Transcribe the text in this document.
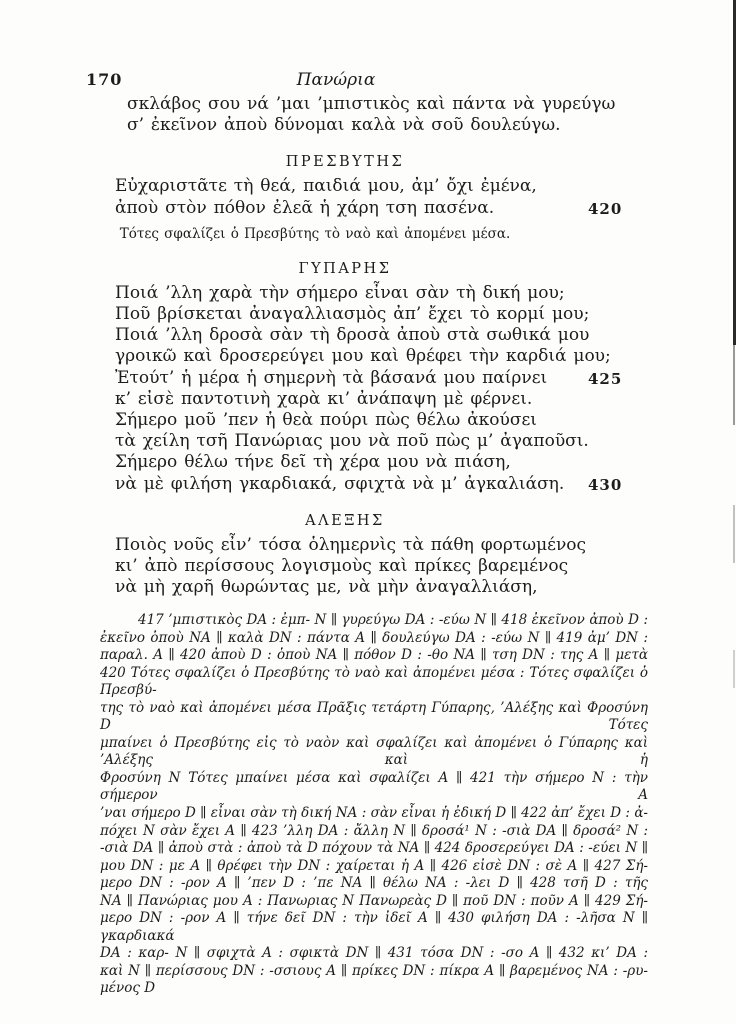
170	Πανώρια
σκλάβος σου νά ’μαι ’μπιστικὸς καὶ πάντα νὰ γυρεύγω
σ’ ἐκεῖνον ἀποὺ δύνομαι καλὰ νὰ σοῦ δουλεύγω.
ΠΡΕΣΒΥΤΗΣ
Εὐχαριστᾶτε τὴ θεά, παιδιά μου, ἀμ’ ὄχι ἐμένα,
ἀποὺ στὸν πόθον ἐλεᾶ ἡ χάρη τση πασένα.	420
Τότες σφαλίζει ὁ Πρεσβύτης τὸ ναὸ καὶ ἀπομένει μέσα.
ΓΥΠΑΡΗΣ
Ποιά ’λλη χαρὰ τὴν σήμερο εἶναι σὰν τὴ δική μου;
Ποῦ βρίσκεται ἀναγαλλιασμὸς ἀπ’ ἔχει τὸ κορμί μου;
Ποιά ’λλη δροσὰ σὰν τὴ δροσὰ ἀποὺ στὰ σωθικά μου
γροικῶ καὶ δροσερεύγει μου καὶ θρέφει τὴν καρδιά μου;
Ἐτούτ’ ἡ μέρα ἡ σημερνὴ τὰ βάσανά μου παίρνει	425
κ’ εἰσὲ παντοτινὴ χαρὰ κι’ ἀνάπαψη μὲ φέρνει.
Σήμερο μοῦ ’πεν ἡ θεὰ πούρι πὼς θέλω ἀκούσει
τὰ χείλη τσῆ Πανώριας μου νὰ ποῦ πὼς μ’ ἀγαποῦσι.
Σήμερο θέλω τήνε δεῖ τὴ χέρα μου νὰ πιάση,
νὰ μὲ φιλήση γκαρδιακά, σφιχτὰ νὰ μ’ ἀγκαλιάση. 430
ΑΛΕΞΗΣ
Ποιὸς νοῦς εἶν’ τόσα ὁλημερνὶς τὰ πάθη φορτωμένος
κι’ ἀπὸ περίσσους λογισμοὺς καὶ πρίκες βαρεμένος
νὰ μὴ χαρῆ θωρώντας με, νὰ μὴν ἀναγαλλιάση,
417 ’μπιστικὸς DA : ἐμπ- N ∥ γυρεύγω DA : -εύω N ∥ 418 ἐκεῖνον ἀποὺ D :
ἐκεῖνο ὁποὺ NA ∥ καλὰ DN : πάντα A ∥ δουλεύγω DA : -εύω N ∥ 419 ἀμ’ DN :
παραλ. A ∥ 420 ἀποὺ D : ὁποὺ NA ∥ πόθον D : -θο NA ∥ τση DN : της A ∥ μετὰ
420 Τότες σφαλίζει ὁ Πρεσβύτης τὸ ναὸ καὶ ἀπομένει μέσα : Τότες σφαλίζει ὁ Πρεσβύ-
της τὸ ναὸ καὶ ἀπομένει μέσα Πρᾶξις τετάρτη Γύπαρης, ’Αλέξης καὶ Φροσύνη D Τότες
μπαίνει ὁ Πρεσβύτης εἰς τὸ ναὸν καὶ σφαλίζει καὶ ἀπομένει ὁ Γύπαρης καὶ ’Αλέξης καὶ ἡ
Φροσύνη N Τότες μπαίνει μέσα καὶ σφαλίζει A ∥ 421 τὴν σήμερο N : τὴν σήμερον A
’ναι σήμερο D ∥ εἶναι σὰν τὴ δική NA : σὰν εἶναι ἡ ἐδική D ∥ 422 ἀπ’ ἔχει D : ἀ-
πόχει N σὰν ἔχει A ∥ 423 ’λλη DA : ἄλλη N ∥ δροσά¹ N : -σιὰ DA ∥ δροσά² N :
-σιὰ DA ∥ ἀποὺ στὰ : ἀποὺ τὰ D πόχουν τὰ NA ∥ 424 δροσερεύγει DA : -εύει N ∥
μου DN : με A ∥ θρέφει τὴν DN : χαίρεται ἡ A ∥ 426 εἰσὲ DN : σὲ A ∥ 427 Σή-
μερο DN : -ρον A ∥ ’πεν D : ’πε NA ∥ θέλω NA : -λει D ∥ 428 τσῆ D : τῆς
NA ∥ Πανώριας μου A : Πανωριας N Πανωρεὰς D ∥ ποῦ DN : ποῦν A ∥ 429 Σή-
μερο DN : -ρον A ∥ τήνε δεῖ DN : τὴν ἰδεῖ A ∥ 430 φιλήση DA : -λῆσα N ∥ γκαρδιακά
DA : καρ- N ∥ σφιχτὰ A : σφικτὰ DN ∥ 431 τόσα DN : -σο A ∥ 432 κι’ DA :
καὶ N ∥ περίσσους DN : -σσιους A ∥ πρίκες DN : πίκρα A ∥ βαρεμένος NA : -ρυ-
μένος D
